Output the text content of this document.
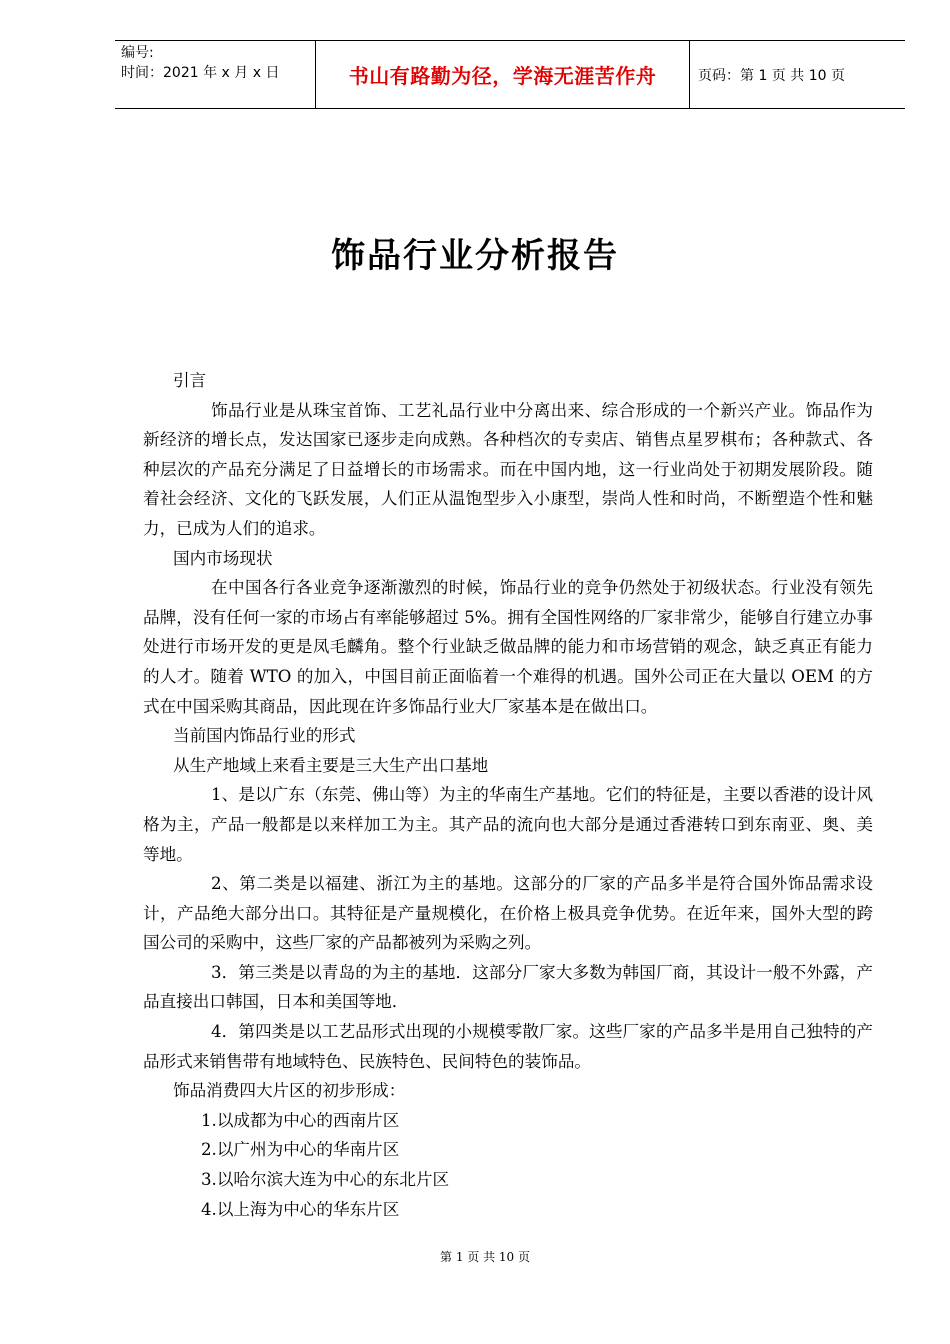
编号:
时间：2021 年 x 月 x 日	书山有路勤为径，学海无涯苦作舟	页码：第 1 页 共 10 页
饰品行业分析报告

引言

饰品行业是从珠宝首饰、工艺礼品行业中分离出来、综合形成的一个新兴产业。饰品作为新经济的增长点，发达国家已逐步走向成熟。各种档次的专卖店、销售点星罗棋布；各种款式、各种层次的产品充分满足了日益增长的市场需求。而在中国内地，这一行业尚处于初期发展阶段。随着社会经济、文化的飞跃发展，人们正从温饱型步入小康型，崇尚人性和时尚，不断塑造个性和魅力，已成为人们的追求。

国内市场现状

在中国各行各业竞争逐渐激烈的时候，饰品行业的竞争仍然处于初级状态。行业没有领先品牌，没有任何一家的市场占有率能够超过 5%。拥有全国性网络的厂家非常少，能够自行建立办事处进行市场开发的更是凤毛麟角。整个行业缺乏做品牌的能力和市场营销的观念，缺乏真正有能力的人才。随着 WTO 的加入，中国目前正面临着一个难得的机遇。国外公司正在大量以 OEM 的方式在中国采购其商品，因此现在许多饰品行业大厂家基本是在做出口。

当前国内饰品行业的形式

从生产地域上来看主要是三大生产出口基地

1、是以广东（东莞、佛山等）为主的华南生产基地。它们的特征是，主要以香港的设计风格为主，产品一般都是以来样加工为主。其产品的流向也大部分是通过香港转口到东南亚、奥、美等地。

2、第二类是以福建、浙江为主的基地。这部分的厂家的产品多半是符合国外饰品需求设计，产品绝大部分出口。其特征是产量规模化，在价格上极具竞争优势。在近年来，国外大型的跨国公司的采购中，这些厂家的产品都被列为采购之列。

3．第三类是以青岛的为主的基地．这部分厂家大多数为韩国厂商，其设计一般不外露，产品直接出口韩国，日本和美国等地．

4．第四类是以工艺品形式出现的小规模零散厂家。这些厂家的产品多半是用自己独特的产品形式来销售带有地域特色、民族特色、民间特色的装饰品。

饰品消费四大片区的初步形成：

1.以成都为中心的西南片区

2.以广州为中心的华南片区

3.以哈尔滨大连为中心的东北片区

4.以上海为中心的华东片区

第 1 页 共 10 页
